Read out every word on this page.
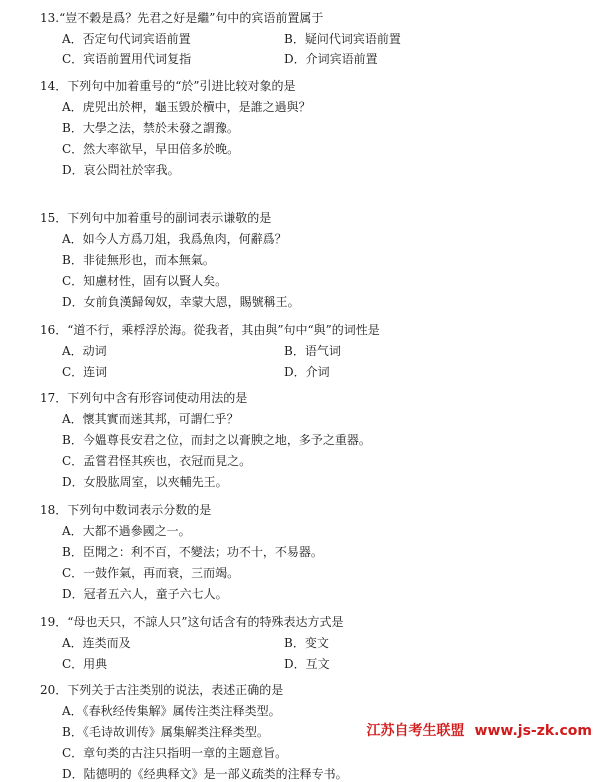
13.“豈不穀是爲？先君之好是繼”句中的宾语前置属于
A．否定句代词宾语前置	B．疑问代词宾语前置
C．宾语前置用代词复指	D．介词宾语前置
14．下列句中加着重号的“於”引进比较对象的是
A．虎兕出於柙，龜玉毀於櫝中，是誰之過與？
B．大學之法，禁於未發之謂豫。
C．然大率欲早，早田倍多於晚。
D．哀公問社於宰我。
15．下列句中加着重号的副词表示谦敬的是
A．如今人方爲刀俎，我爲魚肉，何辭爲？
B．非徒無形也，而本無氣。
C．知慮材性，固有以賢人矣。
D．女前負漢歸匈奴，幸蒙大恩，賜號稱王。
16．“道不行，乘桴浮於海。從我者，其由與”句中“與”的词性是
A．动词	B．语气词
C．连词	D．介词
17．下列句中含有形容词使动用法的是
A．懷其實而迷其邦，可謂仁乎？
B．今媼尊長安君之位，而封之以膏腴之地，多予之重器。
C．孟嘗君怪其疾也，衣冠而見之。
D．女股肱周室，以夾輔先王。
18．下列句中数词表示分数的是
A．大都不過參國之一。
B．臣聞之：利不百，不變法；功不十，不易器。
C．一鼓作氣，再而衰，三而竭。
D．冠者五六人，童子六七人。
19．“母也天只，不諒人只”这句话含有的特殊表达方式是
A．连类而及	B．变文
C．用典	D．互文
20．下列关于古注类别的说法，表述正确的是
A．《春秋经传集解》属传注类注释类型。
B．《毛诗故训传》属集解类注释类型。
C．章句类的古注只指明一章的主题意旨。
D．陆德明的《经典释文》是一部义疏类的注释专书。
江苏自考生联盟 www.js-zk.com
